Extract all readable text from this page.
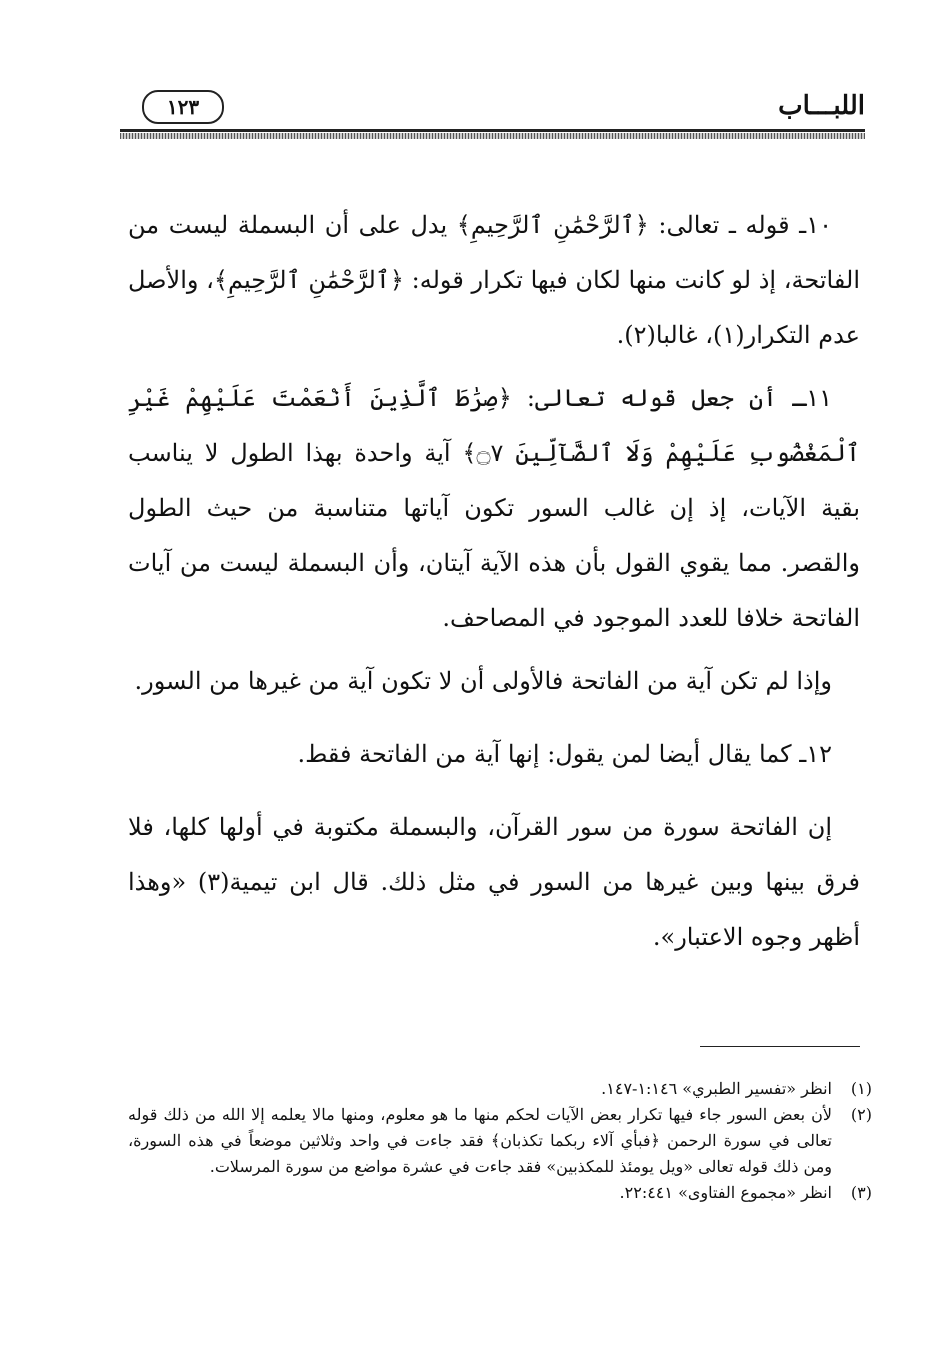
اللبـــاب
١٢٣

١٠ـ قوله ـ تعالى: ﴿ٱلرَّحْمَٰنِ ٱلرَّحِيمِ﴾ يدل على أن البسملة ليست من الفاتحة، إذ لو كانت منها لكان فيها تكرار قوله: ﴿ٱلرَّحْمَٰنِ ٱلرَّحِيمِ﴾، والأصل عدم التكرار(١)، غالبا(٢).

١١ـ أن جعل قوله تعالى: ﴿صِرَٰطَ ٱلَّذِينَ أَنْعَمْتَ عَلَيْهِمْ غَيْرِ ٱلْمَغْضُوبِ عَلَيْهِمْ وَلَا ٱلضَّآلِّينَ ۝٧﴾ آية واحدة بهذا الطول لا يناسب بقية الآيات، إذ إن غالب السور تكون آياتها متناسبة من حيث الطول والقصر. مما يقوي القول بأن هذه الآية آيتان، وأن البسملة ليست من آيات الفاتحة خلافا للعدد الموجود في المصاحف.

وإذا لم تكن آية من الفاتحة فالأولى أن لا تكون آية من غيرها من السور.

١٢ـ كما يقال أيضا لمن يقول: إنها آية من الفاتحة فقط.

إن الفاتحة سورة من سور القرآن، والبسملة مكتوبة في أولها كلها، فلا فرق بينها وبين غيرها من السور في مثل ذلك. قال ابن تيمية(٣) «وهذا أظهر وجوه الاعتبار».

(١)
انظر «تفسير الطبري» ١:١٤٦-١٤٧.
(٢)
لأن بعض السور جاء فيها تكرار بعض الآيات لحكم منها ما هو معلوم، ومنها مالا يعلمه إلا الله من ذلك قوله تعالى في سورة الرحمن ﴿فبأي آلاء ربكما تكذبان﴾ فقد جاءت في واحد وثلاثين موضعاً في هذه السورة، ومن ذلك قوله تعالى «ويل يومئذ للمكذبين» فقد جاءت في عشرة مواضع من سورة المرسلات.
(٣)
انظر «مجموع الفتاوى» ٢٢:٤٤١.
